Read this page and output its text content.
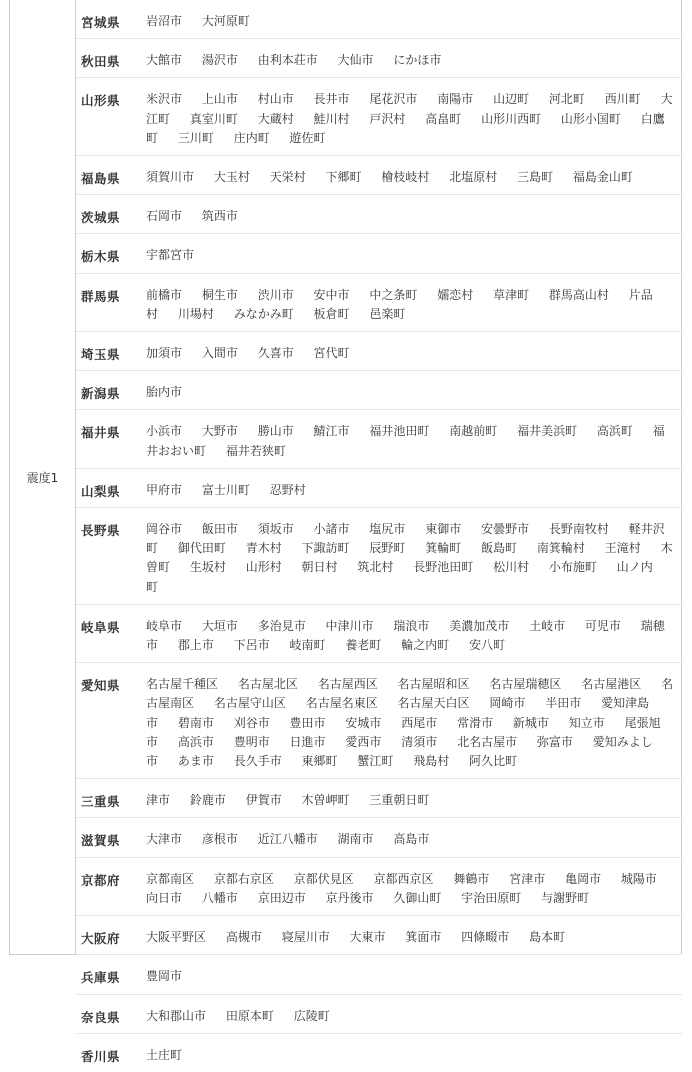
震度1
宮城県 岩沼市 大河原町
秋田県 大館市 湯沢市 由利本荘市 大仙市 にかほ市
山形県 米沢市 上山市 村山市 長井市 尾花沢市 南陽市 山辺町 河北町 西川町 大江町 真室川町 大蔵村 鮭川村 戸沢村 高畠町 山形川西町 山形小国町 白鷹町 三川町 庄内町 遊佐町
福島県 須賀川市 大玉村 天栄村 下郷町 檜枝岐村 北塩原村 三島町 福島金山町
茨城県 石岡市 筑西市
栃木県 宇都宮市
群馬県 前橋市 桐生市 渋川市 安中市 中之条町 嬬恋村 草津町 群馬高山村 片品村 川場村 みなかみ町 板倉町 邑楽町
埼玉県 加須市 入間市 久喜市 宮代町
新潟県 胎内市
福井県 小浜市 大野市 勝山市 鯖江市 福井池田町 南越前町 福井美浜町 高浜町 福井おおい町 福井若狭町
山梨県 甲府市 富士川町 忍野村
長野県 岡谷市 飯田市 須坂市 小諸市 塩尻市 東御市 安曇野市 長野南牧村 軽井沢町 御代田町 青木村 下諏訪町 辰野町 箕輪町 飯島町 南箕輪村 王滝村 木曽町 生坂村 山形村 朝日村 筑北村 長野池田町 松川村 小布施町 山ノ内町
岐阜県 岐阜市 大垣市 多治見市 中津川市 瑞浪市 美濃加茂市 土岐市 可児市 瑞穂市 郡上市 下呂市 岐南町 養老町 輪之内町 安八町
愛知県 名古屋千種区 名古屋北区 名古屋西区 名古屋昭和区 名古屋瑞穂区 名古屋港区 名古屋南区 名古屋守山区 名古屋名東区 名古屋天白区 岡崎市 半田市 愛知津島市 碧南市 刈谷市 豊田市 安城市 西尾市 常滑市 新城市 知立市 尾張旭市 高浜市 豊明市 日進市 愛西市 清須市 北名古屋市 弥富市 愛知みよし市 あま市 長久手市 東郷町 蟹江町 飛島村 阿久比町
三重県 津市 鈴鹿市 伊賀市 木曽岬町 三重朝日町
滋賀県 大津市 彦根市 近江八幡市 湖南市 高島市
京都府 京都南区 京都右京区 京都伏見区 京都西京区 舞鶴市 宮津市 亀岡市 城陽市 向日市 八幡市 京田辺市 京丹後市 久御山町 宇治田原町 与謝野町
大阪府 大阪平野区 高槻市 寝屋川市 大東市 箕面市 四條畷市 島本町
兵庫県 豊岡市
奈良県 大和郡山市 田原本町 広陵町
香川県 土庄町
